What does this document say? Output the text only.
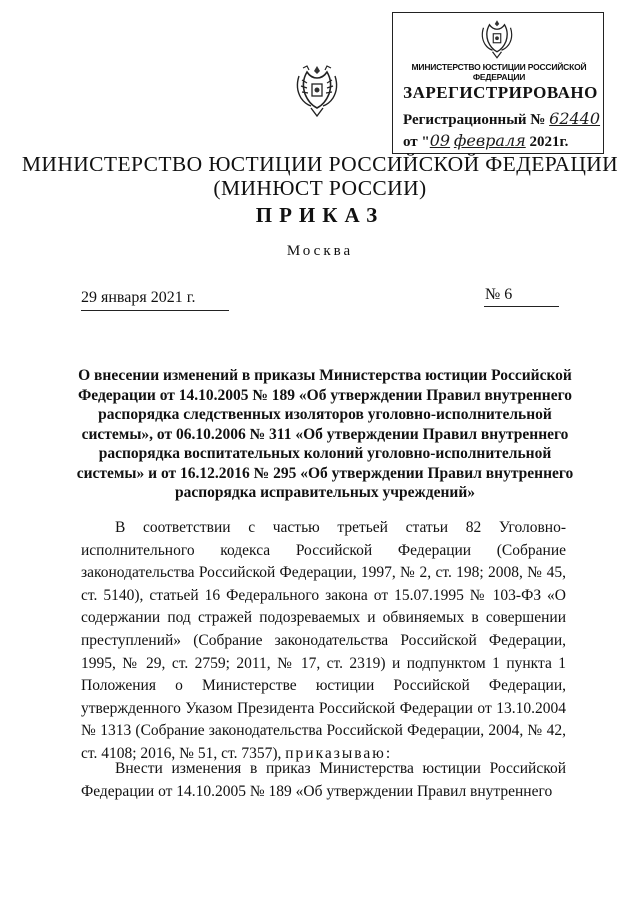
МИНИСТЕРСТВО ЮСТИЦИИ РОССИЙСКОЙ ФЕДЕРАЦИИ
ЗАРЕГИСТРИРОВАНО
Регистрационный № 62440
от "09 февраля 2021г.
МИНИСТЕРСТВО ЮСТИЦИИ РОССИЙСКОЙ ФЕДЕРАЦИИ
(МИНЮСТ РОССИИ)
ПРИКАЗ
Москва
29 января 2021 г.	№ 6
О внесении изменений в приказы Министерства юстиции Российской Федерации от 14.10.2005 № 189 «Об утверждении Правил внутреннего распорядка следственных изоляторов уголовно-исполнительной системы», от 06.10.2006 № 311 «Об утверждении Правил внутреннего распорядка воспитательных колоний уголовно-исполнительной системы» и от 16.12.2016 № 295 «Об утверждении Правил внутреннего распорядка исправительных учреждений»
В соответствии с частью третьей статьи 82 Уголовно-исполнительного кодекса Российской Федерации (Собрание законодательства Российской Федерации, 1997, № 2, ст. 198; 2008, № 45, ст. 5140), статьей 16 Федерального закона от 15.07.1995 № 103-ФЗ «О содержании под стражей подозреваемых и обвиняемых в совершении преступлений» (Собрание законодательства Российской Федерации, 1995, № 29, ст. 2759; 2011, № 17, ст. 2319) и подпунктом 1 пункта 1 Положения о Министерстве юстиции Российской Федерации, утвержденного Указом Президента Российской Федерации от 13.10.2004 № 1313 (Собрание законодательства Российской Федерации, 2004, № 42, ст. 4108; 2016, № 51, ст. 7357), приказываю:
Внести изменения в приказ Министерства юстиции Российской Федерации от 14.10.2005 № 189 «Об утверждении Правил внутреннего
